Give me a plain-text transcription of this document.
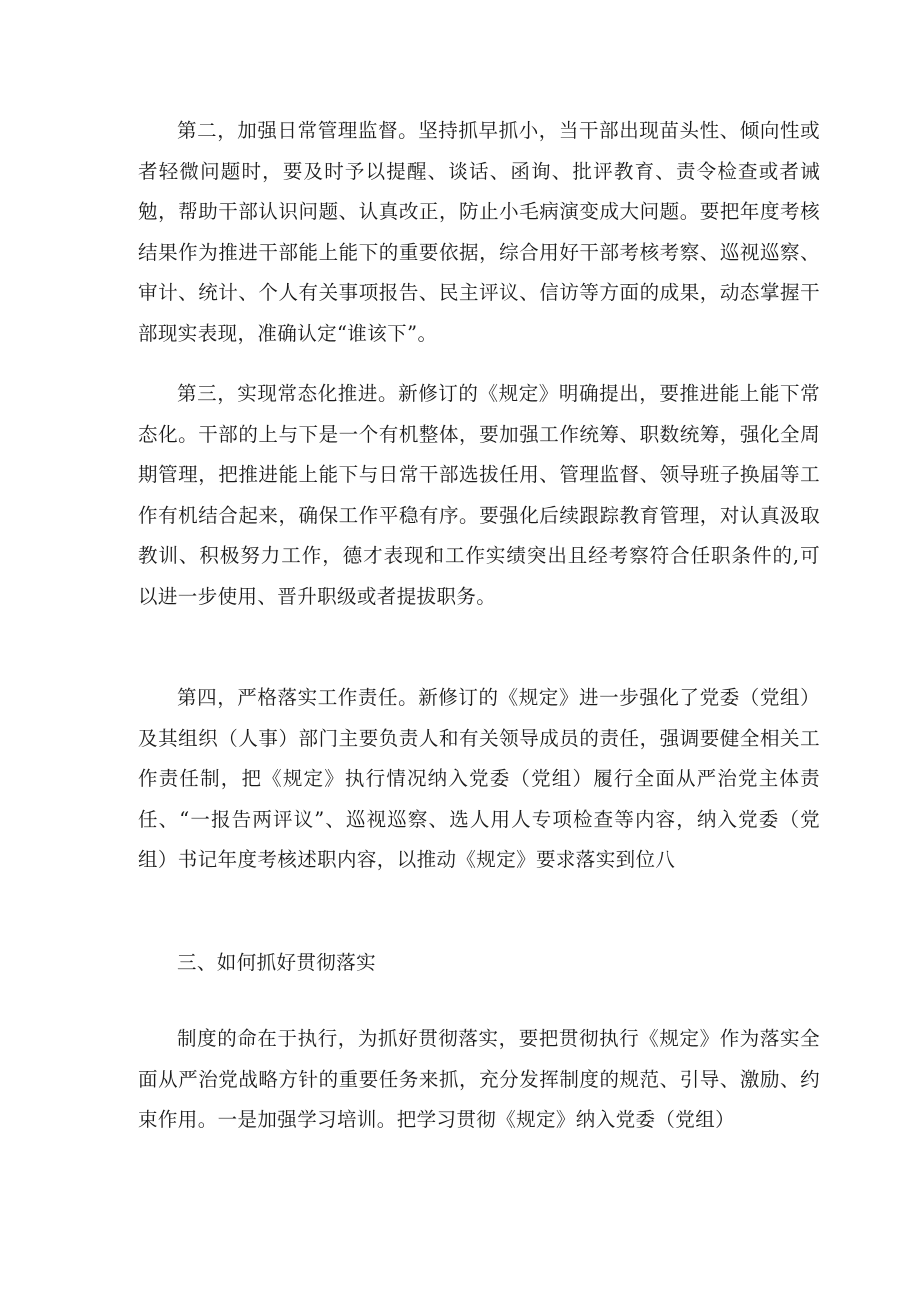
第二，加强日常管理监督。坚持抓早抓小，当干部出现苗头性、倾向性或者轻微问题时，要及时予以提醒、谈话、函询、批评教育、责令检查或者诫勉，帮助干部认识问题、认真改正，防止小毛病演变成大问题。要把年度考核结果作为推进干部能上能下的重要依据，综合用好干部考核考察、巡视巡察、审计、统计、个人有关事项报告、民主评议、信访等方面的成果，动态掌握干部现实表现，准确认定“谁该下”。

第三，实现常态化推进。新修订的《规定》明确提出，要推进能上能下常态化。干部的上与下是一个有机整体，要加强工作统筹、职数统筹，强化全周期管理，把推进能上能下与日常干部选拔任用、管理监督、领导班子换届等工作有机结合起来，确保工作平稳有序。要强化后续跟踪教育管理，对认真汲取教训、积极努力工作，德才表现和工作实绩突出且经考察符合任职条件的,可以进一步使用、晋升职级或者提拔职务。

第四，严格落实工作责任。新修订的《规定》进一步强化了党委（党组）及其组织（人事）部门主要负责人和有关领导成员的责任，强调要健全相关工作责任制，把《规定》执行情况纳入党委（党组）履行全面从严治党主体责任、“一报告两评议”、巡视巡察、选人用人专项检查等内容，纳入党委（党组）书记年度考核述职内容，以推动《规定》要求落实到位八

三、如何抓好贯彻落实

制度的命在于执行，为抓好贯彻落实，要把贯彻执行《规定》作为落实全面从严治党战略方针的重要任务来抓，充分发挥制度的规范、引导、激励、约束作用。一是加强学习培训。把学习贯彻《规定》纳入党委（党组）
